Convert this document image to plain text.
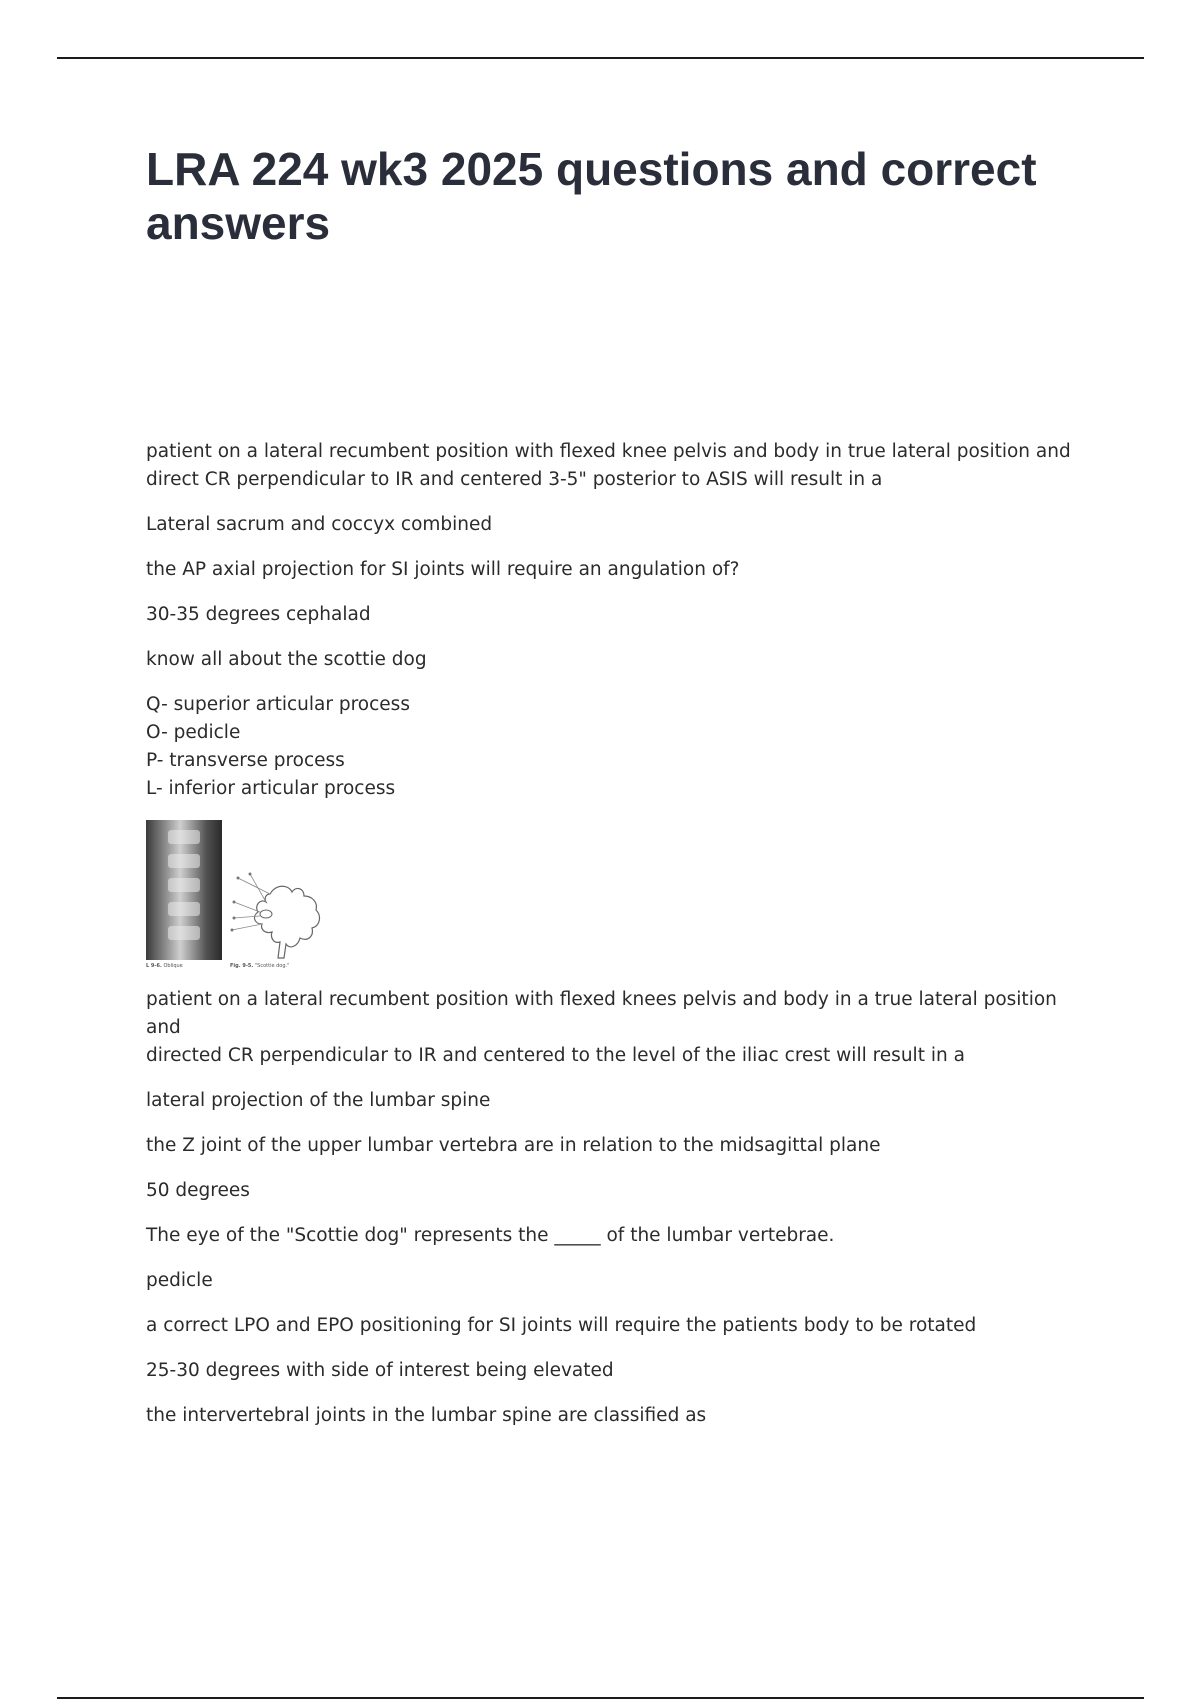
LRA 224 wk3 2025 questions and correct answers

patient on a lateral recumbent position with flexed knee pelvis and body in true lateral position and
direct CR perpendicular to IR and centered 3-5" posterior to ASIS will result in a

Lateral sacrum and coccyx combined

the AP axial projection for SI joints will require an angulation of?

30-35 degrees cephalad

know all about the scottie dog

Q- superior articular process
O- pedicle
P- transverse process
L- inferior articular process
L 9-6. Oblique	Fig. 9-5. "Scottie dog."

patient on a lateral recumbent position with flexed knees pelvis and body in a true lateral position and
directed CR perpendicular to IR and centered to the level of the iliac crest will result in a

lateral projection of the lumbar spine

the Z joint of the upper lumbar vertebra are in relation to the midsagittal plane

50 degrees

The eye of the "Scottie dog" represents the _____ of the lumbar vertebrae.

pedicle

a correct LPO and EPO positioning for SI joints will require the patients body to be rotated

25-30 degrees with side of interest being elevated

the intervertebral joints in the lumbar spine are classified as
